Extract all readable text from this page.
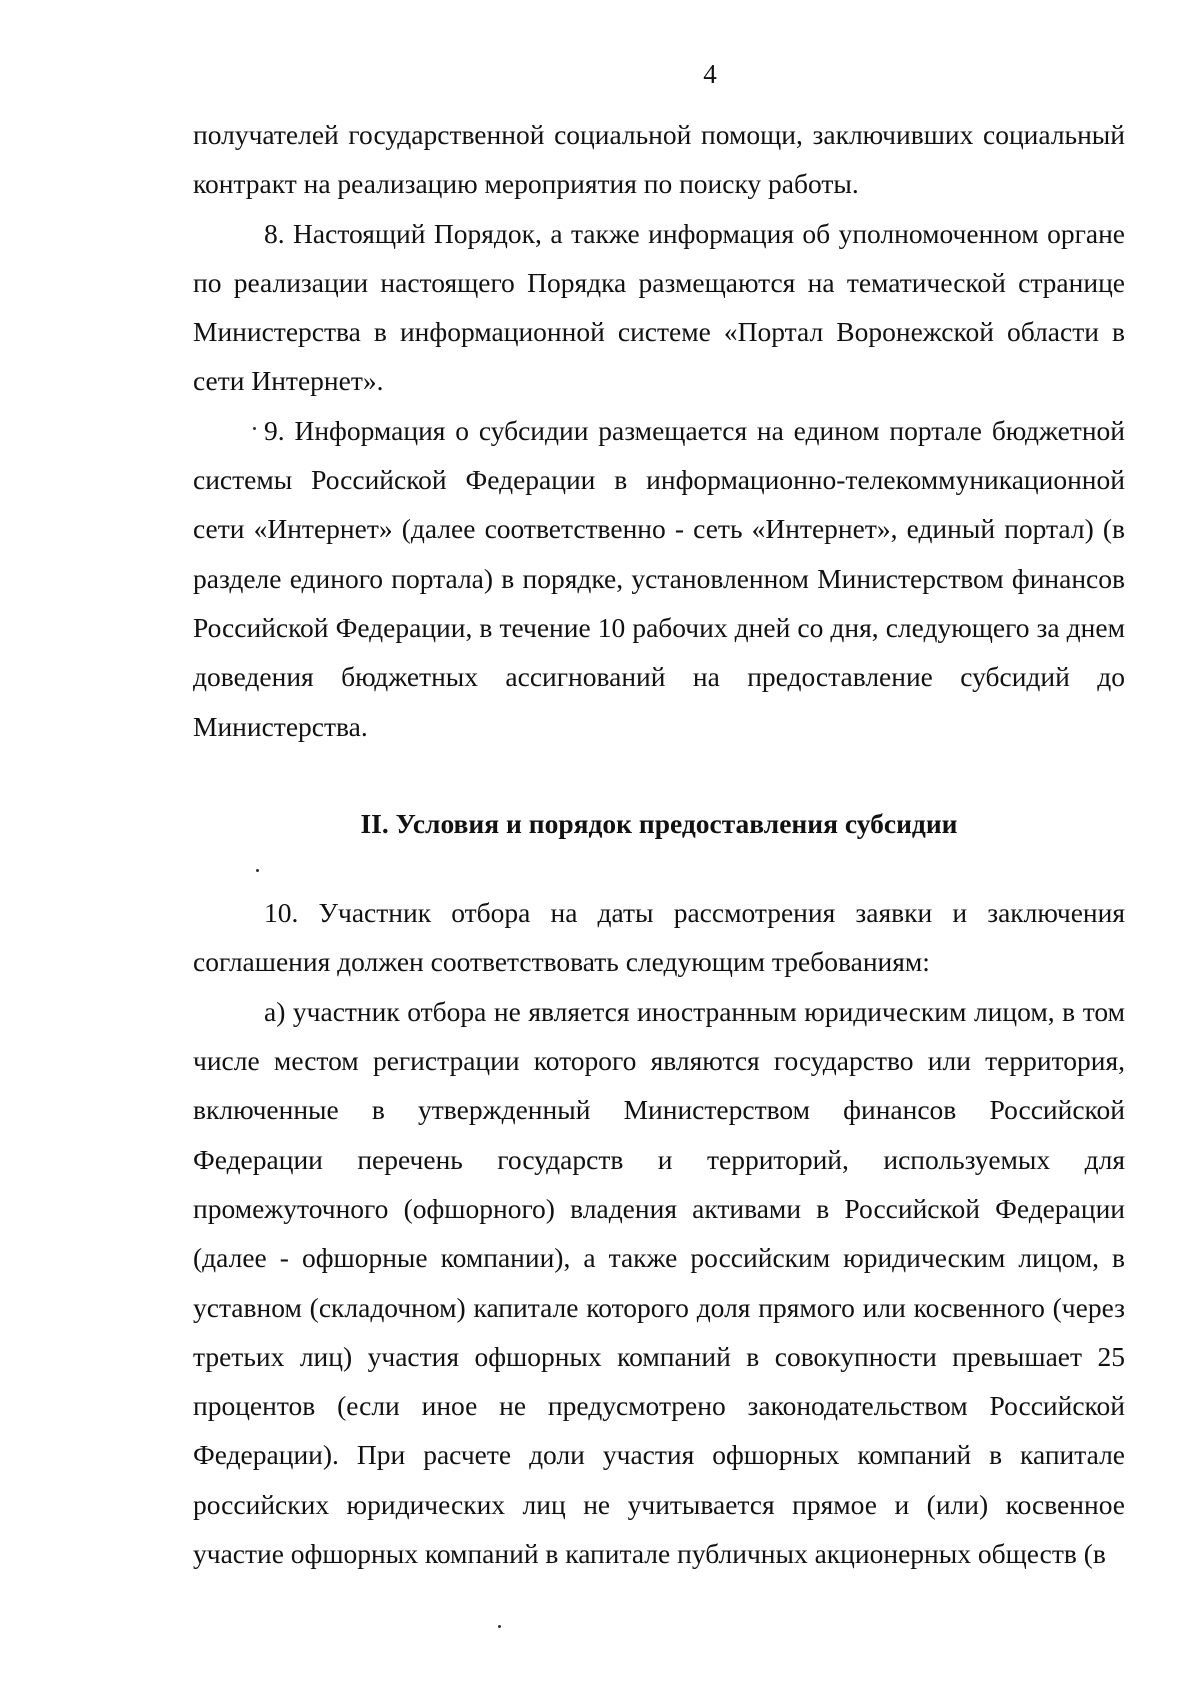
4

получателей государственной социальной помощи, заключивших социальный контракт на реализацию мероприятия по поиску работы.

8. Настоящий Порядок, а также информация об уполномоченном органе по реализации настоящего Порядка размещаются на тематической странице Министерства в информационной системе «Портал Воронежской области в сети Интернет».

9. Информация о субсидии размещается на едином портале бюджетной системы Российской Федерации в информационно-телекоммуникационной сети «Интернет» (далее соответственно - сеть «Интернет», единый портал) (в разделе единого портала) в порядке, установленном Министерством финансов Российской Федерации, в течение 10 рабочих дней со дня, следующего за днем доведения бюджетных ассигнований на предоставление субсидий до Министерства.

II. Условия и порядок предоставления субсидии

10. Участник отбора на даты рассмотрения заявки и заключения соглашения должен соответствовать следующим требованиям:

а) участник отбора не является иностранным юридическим лицом, в том числе местом регистрации которого являются государство или территория, включенные в утвержденный Министерством финансов Российской Федерации перечень государств и территорий, используемых для промежуточного (офшорного) владения активами в Российской Федерации (далее - офшорные компании), а также российским юридическим лицом, в уставном (складочном) капитале которого доля прямого или косвенного (через третьих лиц) участия офшорных компаний в совокупности превышает 25 процентов (если иное не предусмотрено законодательством Российской Федерации). При расчете доли участия офшорных компаний в капитале российских юридических лиц не учитывается прямое и (или) косвенное участие офшорных компаний в капитале публичных акционерных обществ (в
